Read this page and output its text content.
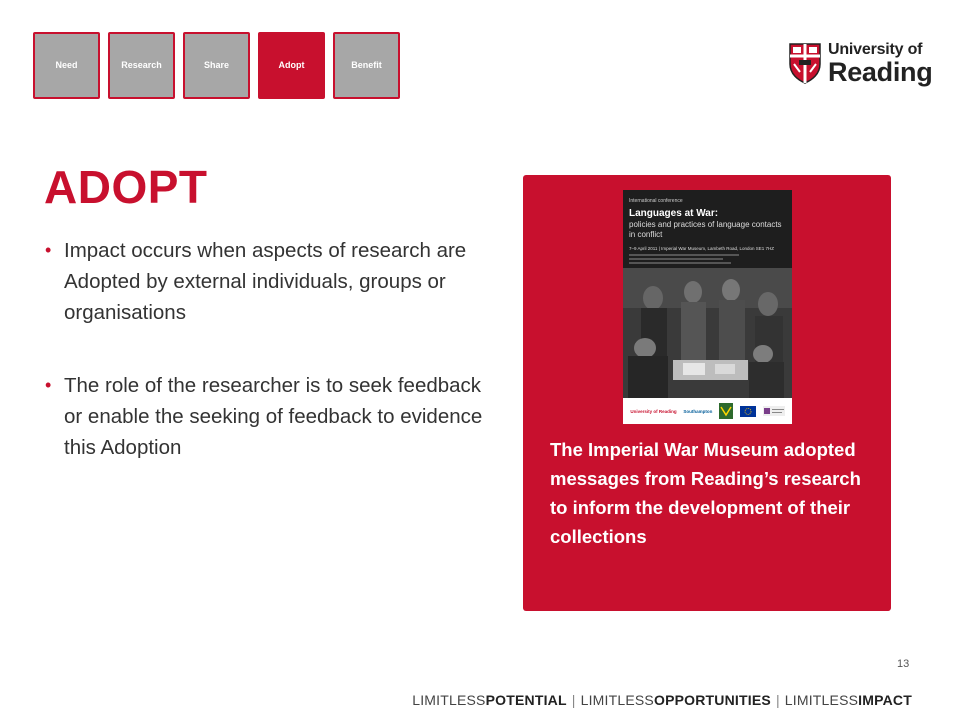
Need	Research	Share	Adopt	Benefit
University of
Reading
ADOPT
• Impact occurs when aspects of research are Adopted by external individuals, groups or organisations
• The role of the researcher is to seek feedback or enable the seeking of feedback to evidence this Adoption
International conference
Languages at War:
policies and practices of language contacts in conflict
7–9 April 2011 | Imperial War Museum, Lambeth Road, London SE1 7HZ
University of Reading Southampton

The Imperial War Museum adopted messages from Reading’s research to inform the development of their collections

13
LIMITLESSPOTENTIAL | LIMITLESSOPPORTUNITIES | LIMITLESSIMPACT
